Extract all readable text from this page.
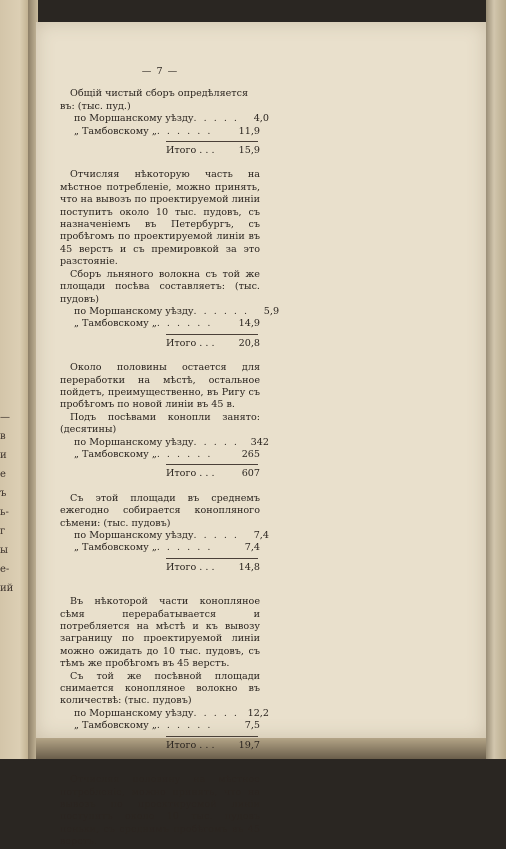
—
в
и
е
ъ
ь-
г
ы
е-
ий
— 7 —

Общiй чистый сборъ опредѣляется въ: (тыс. пуд.)

по Моршанскому уѣзду . . . . .	4,0
„ Тамбовскому „ . . . . . .	11,9
Итого . . .	15,9

Отчисляя нѣкоторую часть на мѣстное потребленiе, можно принять, что на вывозъ по проектируемой линiи поступитъ около 10 тыс. пудовъ, съ назначенiемъ въ Петербургъ, съ пробѣгомъ по проектируемой линiи въ 45 верстъ и съ премировкой за это разстоянiе.

Сборъ льняного волокна съ той же площади посѣва составляетъ: (тыс. пудовъ)

по Моршанскому уѣзду . . . . . .	5,9
„ Тамбовскому „ . . . . . .	14,9
Итого . . .	20,8

Около половины остается для переработки на мѣстѣ, остальное пойдетъ, преимущественно, въ Ригу съ пробѣгомъ по новой линiи въ 45 в.

Подъ посѣвами конопли занято: (десятины)

по Моршанскому уѣзду . . . . .	342
„ Тамбовскому „ . . . . . .	265
Итого . . .	607

Съ этой площади въ среднемъ ежегодно собирается конопляного сѣмени: (тыс. пудовъ)

по Моршанскому уѣзду . . . . .	7,4
„ Тамбовскому „ . . . . . .	7,4
Итого . . .	14,8

Въ нѣкоторой части конопляное сѣмя перерабатывается и потребляется на мѣстѣ и къ вывозу заграницу по проектируемой линiи можно ожидать до 10 тыс. пудовъ, съ тѣмъ же пробѣгомъ въ 45 верстъ.

Съ той же посѣвной площади снимается конопляное волокно въ количествѣ: (тыс. пудовъ)

по Моршанскому уѣзду . . . . . 12,2
„ Тамбовскому „ . . . . . .	7,5
Итого . . .	19,7

Отчисляя половину на мѣстное потребленiе, можно принять, что на вывозъ по проектируемой линiи поступитъ около 10 тыс. пудовъ пеньки, съ среднимъ пробѣгомъ въ 45 верстъ.
